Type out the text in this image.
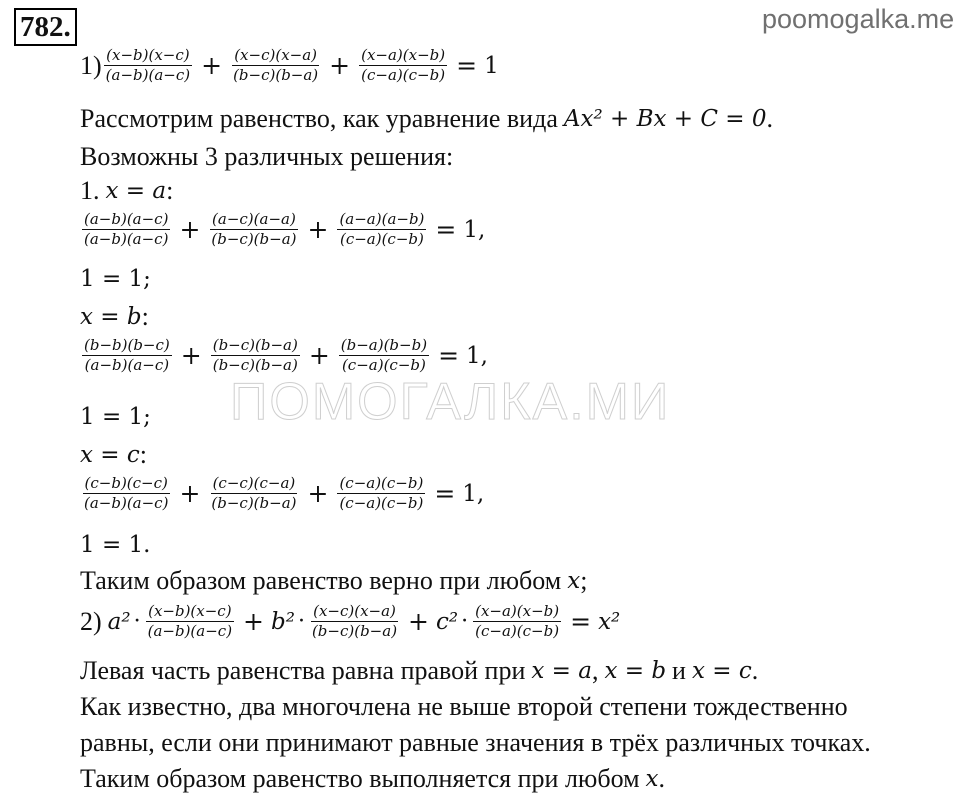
782.	poomogalka.me
ПОМОГАЛКА.МИ
$1) \frac{(x-b)(x-c)}{(a-b)(a-c)} + \frac{(x-c)(x-a)}{(b-c)(b-a)} + \frac{(x-a)(x-b)}{(c-a)(c-b)} = 1$
Рассмотрим равенство, как уравнение вида Ax² + Bx + C = 0 .
Возможны 3 различных решения:
1. x = a :
$\frac{(a-b)(a-c)}{(a-b)(a-c)} + \frac{(a-c)(a-a)}{(b-c)(b-a)} + \frac{(a-a)(a-b)}{(c-a)(c-b)} = 1$,
1 = 1;
x = b :
$\frac{(b-b)(b-c)}{(a-b)(a-c)} + \frac{(b-c)(b-a)}{(b-c)(b-a)} + \frac{(b-a)(b-b)}{(c-a)(c-b)} = 1$,
1 = 1;
x = c :
$\frac{(c-b)(c-c)}{(a-b)(a-c)} + \frac{(c-c)(c-a)}{(b-c)(b-a)} + \frac{(c-a)(c-b)}{(c-a)(c-b)} = 1$,
1 = 1.
Таким образом равенство верно при любом x ;
2) $a^2 \cdot \frac{(x-b)(x-c)}{(a-b)(a-c)} + b^2 \cdot \frac{(x-c)(x-a)}{(b-c)(b-a)} + c^2 \cdot \frac{(x-a)(x-b)}{(c-a)(c-b)} = x^2$
Левая часть равенства равна правой при x = a , x = b и x = c .
Как известно, два многочлена не выше второй степени тождественно
равны, если они принимают равные значения в трёх различных точках.
Таким образом равенство выполняется при любом x .
